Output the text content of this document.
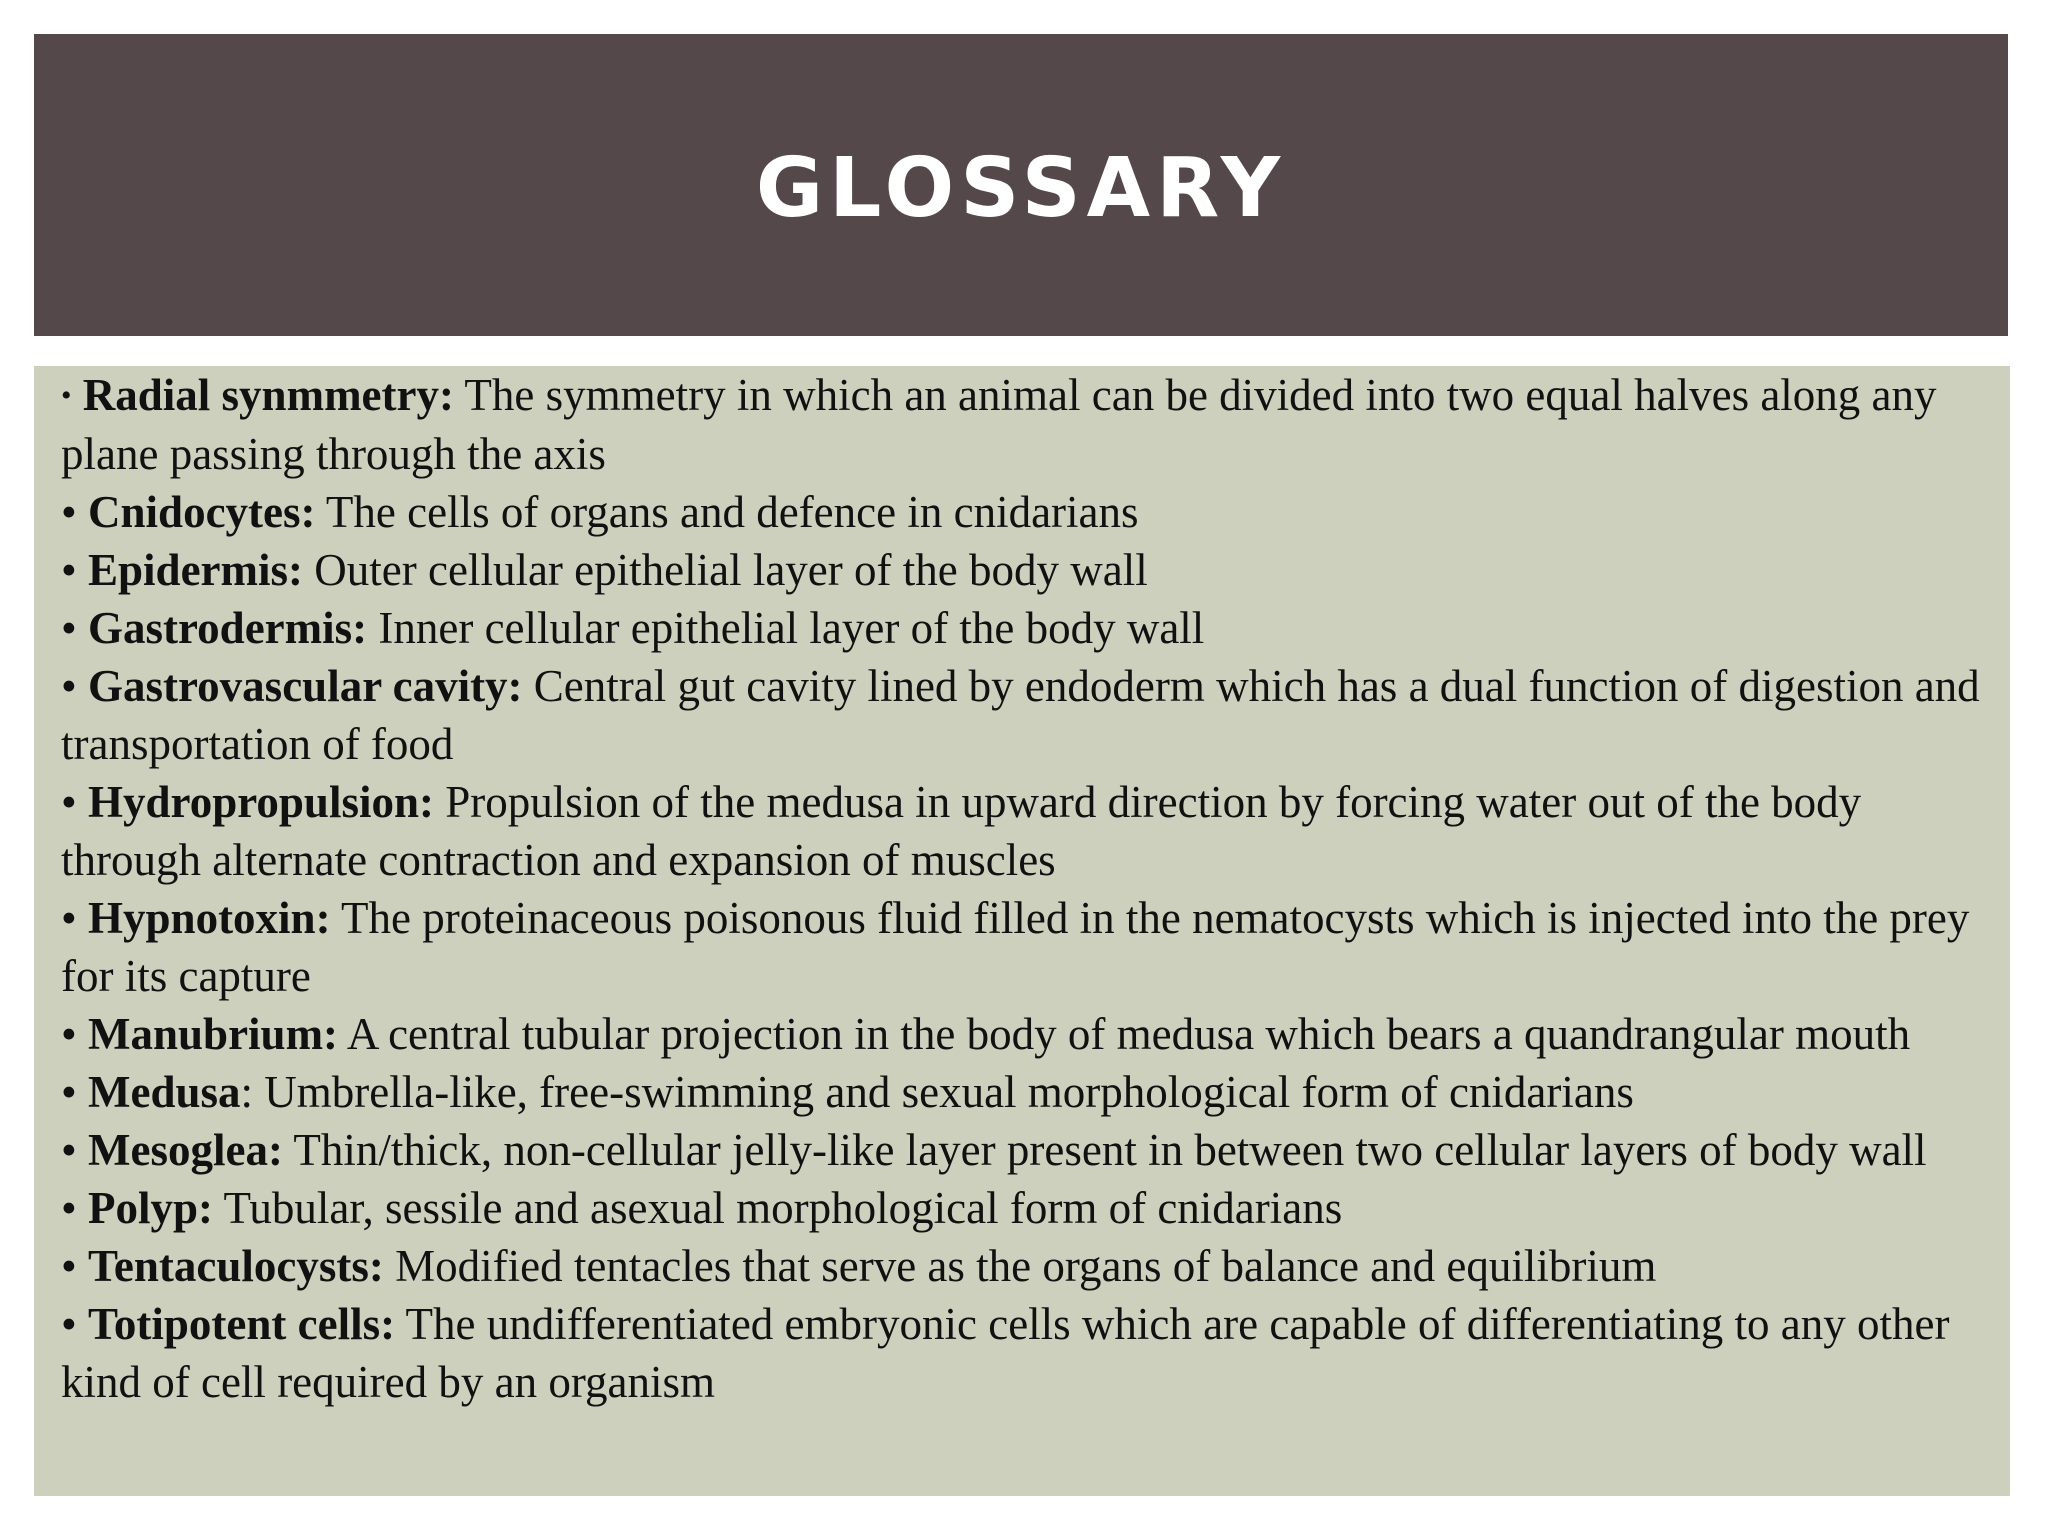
GLOSSARY
• Radial synmmetry: The symmetry in which an animal can be divided into two equal halves along any plane passing through the axis
• Cnidocytes: The cells of organs and defence in cnidarians
• Epidermis: Outer cellular epithelial layer of the body wall
• Gastrodermis: Inner cellular epithelial layer of the body wall
• Gastrovascular cavity: Central gut cavity lined by endoderm which has a dual function of digestion and transportation of food
• Hydropropulsion: Propulsion of the medusa in upward direction by forcing water out of the body through alternate contraction and expansion of muscles
• Hypnotoxin: The proteinaceous poisonous fluid filled in the nematocysts which is injected into the prey for its capture
• Manubrium: A central tubular projection in the body of medusa which bears a quandrangular mouth
• Medusa: Umbrella-like, free-swimming and sexual morphological form of cnidarians
• Mesoglea: Thin/thick, non-cellular jelly-like layer present in between two cellular layers of body wall
• Polyp: Tubular, sessile and asexual morphological form of cnidarians
• Tentaculocysts: Modified tentacles that serve as the organs of balance and equilibrium
• Totipotent cells: The undifferentiated embryonic cells which are capable of differentiating to any other kind of cell required by an organism
